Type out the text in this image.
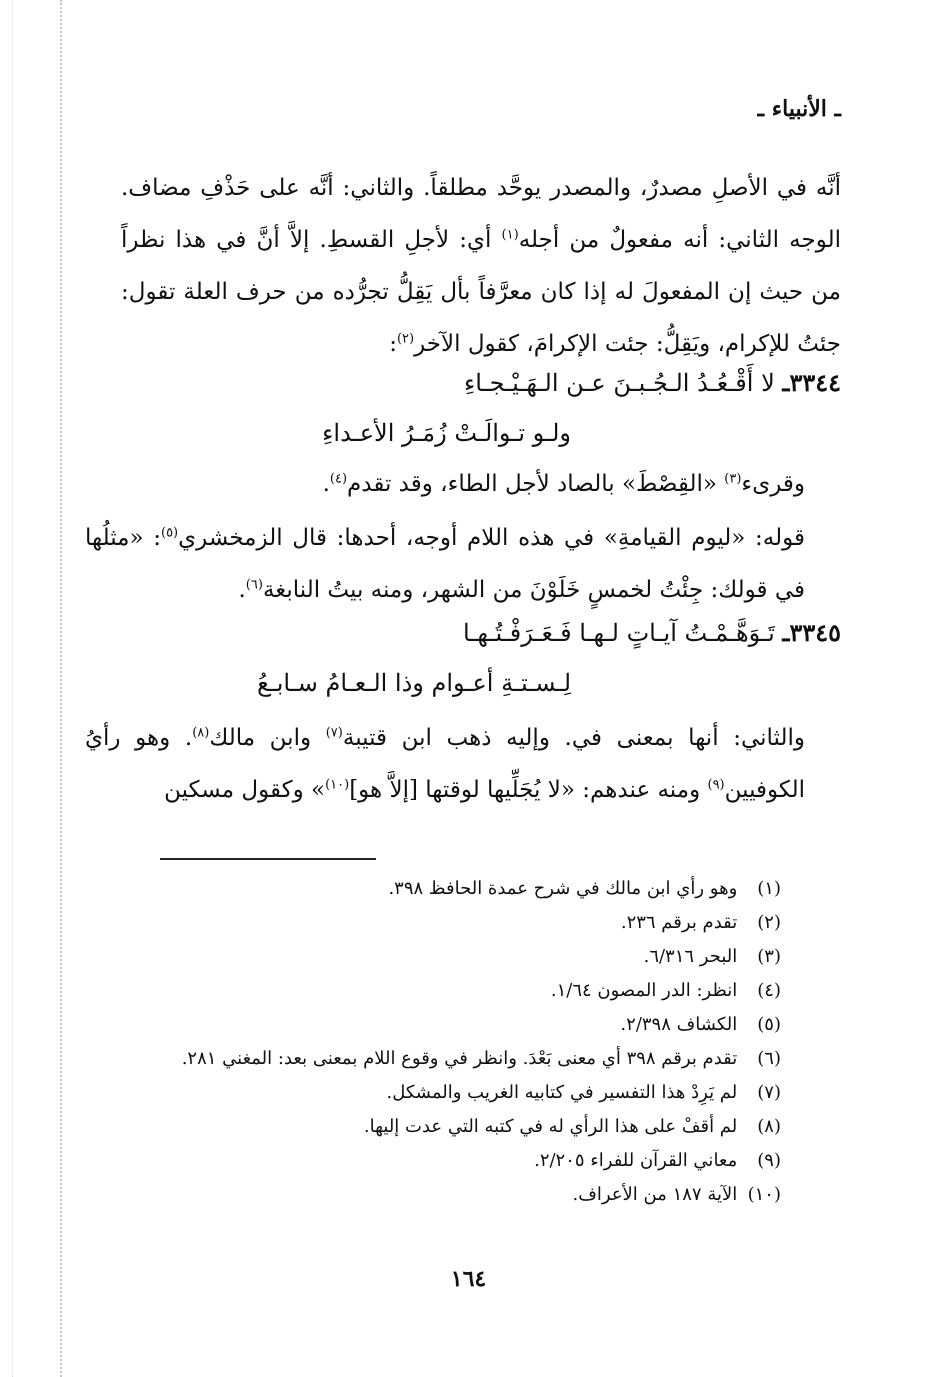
ـ الأنبياء ـ
أنَّه في الأصلِ مصدرٌ، والمصدر يوحَّد مطلقاً. والثاني: أنَّه على حَذْفِ مضاف. الوجه الثاني: أنه مفعولٌ من أجله$^{(١)}$ أي: لأجلِ القسطِ. إلاَّ أنَّ في هذا نظراً من حيث إن المفعولَ له إذا كان معرَّفاً بأل يَقِلُّ تجرُّده من حرف العلة تقول: جئتُ للإكرام، ويَقِلُّ: جئت الإكرامَ، كقول الآخر$^{(٢)}$:
٣٣٤٤ـ لا أَقْـعُـدُ الـجُـبـنَ عـن الـهَـيْـجـاءِ
ولـو تـوالَـتْ زُمَـرُ الأعـداءِ
وقرىء$^{(٣)}$ «القِصْطَ» بالصاد لأجل الطاء، وقد تقدم$^{(٤)}$.
قوله: «ليوم القيامةِ» في هذه اللام أوجه، أحدها: قال الزمخشري$^{(٥)}$: «مثلُها في قولك: جِئْتُ لخمسٍ خَلَوْنَ من الشهر، ومنه بيتُ النابغة$^{(٦)}$.
٣٣٤٥ـ تَـوَهَّـمْـتُ آيـاتٍ لـهـا فَـعَـرَفْـتُـهـا
لِـسـتـةِ أعـوام وذا الـعـامُ سـابـعُ
والثاني: أنها بمعنى في. وإليه ذهب ابن قتيبة$^{(٧)}$ وابن مالك$^{(٨)}$. وهو رأيُ الكوفيين$^{(٩)}$ ومنه عندهم: «لا يُجَلِّيها لوقتها [إلاَّ هو]$^{(١٠)}$» وكقول مسكين
(١) وهو رأي ابن مالك في شرح عمدة الحافظ ٣٩٨.
(٢) تقدم برقم ٢٣٦.
(٣) البحر ٦/٣١٦.
(٤) انظر: الدر المصون ١/٦٤.
(٥) الكشاف ٢/٣٩٨.
(٦) تقدم برقم ٣٩٨ أي معنى بَعْدَ. وانظر في وقوع اللام بمعنى بعد: المغني ٢٨١.
(٧) لم يَرِدْ هذا التفسير في كتابيه الغريب والمشكل.
(٨) لم أقفْ على هذا الرأي له في كتبه التي عدت إليها.
(٩) معاني القرآن للفراء ٢/٢٠٥.
(١٠) الآية ١٨٧ من الأعراف.
١٦٤
